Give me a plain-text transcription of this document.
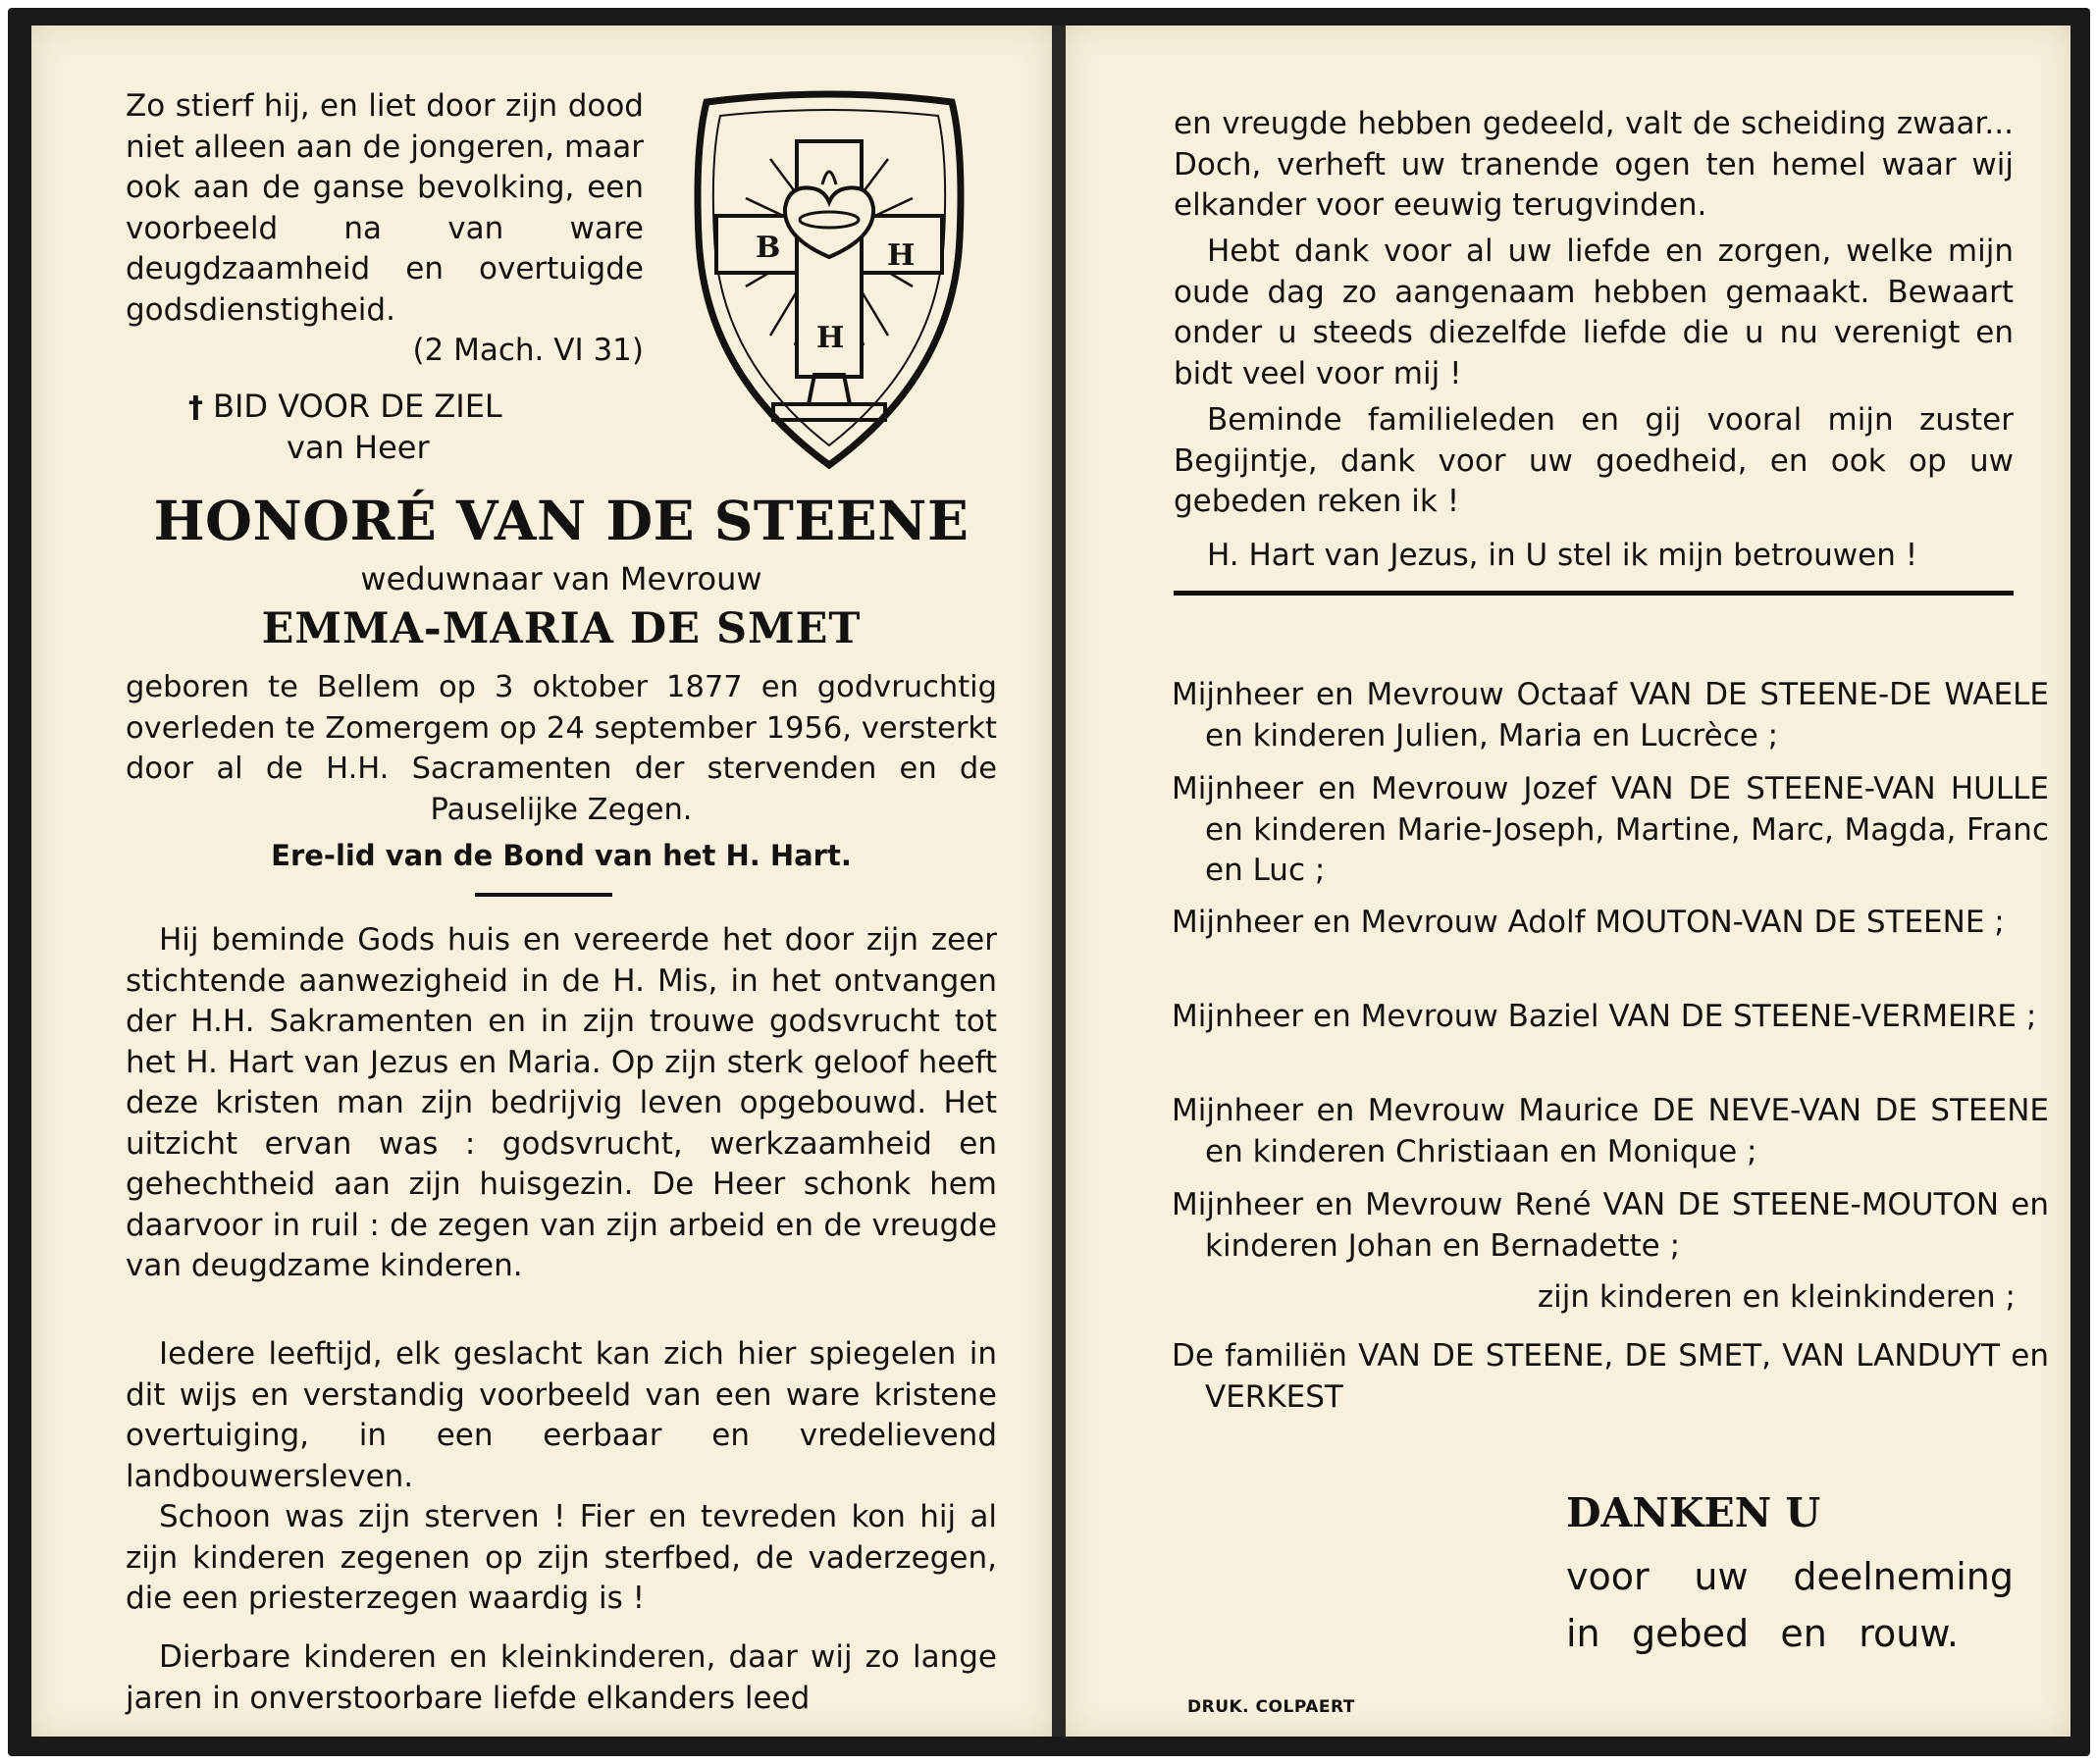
Zo stierf hij, en liet door zijn dood niet alleen aan de jongeren, maar ook aan de ganse bevolking, een voorbeeld na van ware deugdzaamheid en overtuigde godsdienstigheid.
(2 Mach. VI 31)

B	H
H

† BID VOOR DE ZIEL

van Heer

HONORÉ VAN DE STEENE

weduwnaar van Mevrouw

EMMA-MARIA DE SMET

geboren te Bellem op 3 oktober 1877 en godvruchtig overleden te Zomergem op 24 september 1956, versterkt door al de H.H. Sacramenten der stervenden en de Pauselijke Zegen.

Ere-lid van de Bond van het H. Hart.

Hij beminde Gods huis en vereerde het door zijn zeer stichtende aanwezigheid in de H. Mis, in het ontvangen der H.H. Sakramenten en in zijn trouwe godsvrucht tot het H. Hart van Jezus en Maria. Op zijn sterk geloof heeft deze kristen man zijn bedrijvig leven opgebouwd. Het uitzicht ervan was : godsvrucht, werkzaamheid en gehechtheid aan zijn huisgezin. De Heer schonk hem daarvoor in ruil : de zegen van zijn arbeid en de vreugde van deugdzame kinderen.

Iedere leeftijd, elk geslacht kan zich hier spiegelen in dit wijs en verstandig voorbeeld van een ware kristene overtuiging, in een eerbaar en vredelievend landbouwersleven.

Schoon was zijn sterven ! Fier en tevreden kon hij al zijn kinderen zegenen op zijn sterfbed, de vaderzegen, die een priesterzegen waardig is !

Dierbare kinderen en kleinkinderen, daar wij zo lange jaren in onverstoorbare liefde elkanders leed

en vreugde hebben gedeeld, valt de scheiding zwaar... Doch, verheft uw tranende ogen ten hemel waar wij elkander voor eeuwig terugvinden.

Hebt dank voor al uw liefde en zorgen, welke mijn oude dag zo aangenaam hebben gemaakt. Bewaart onder u steeds diezelfde liefde die u nu verenigt en bidt veel voor mij !

Beminde familieleden en gij vooral mijn zuster Begijntje, dank voor uw goedheid, en ook op uw gebeden reken ik !

H. Hart van Jezus, in U stel ik mijn betrouwen !

Mijnheer en Mevrouw Octaaf VAN DE STEENE-DE WAELE en kinderen Julien, Maria en Lucrèce ;

Mijnheer en Mevrouw Jozef VAN DE STEENE-VAN HULLE en kinderen Marie-Joseph, Martine, Marc, Magda, Franc en Luc ;

Mijnheer en Mevrouw Adolf MOUTON-VAN DE STEENE ;

Mijnheer en Mevrouw Baziel VAN DE STEENE-VERMEIRE ;

Mijnheer en Mevrouw Maurice DE NEVE-VAN DE STEENE en kinderen Christiaan en Monique ;

Mijnheer en Mevrouw René VAN DE STEENE-MOUTON en kinderen Johan en Bernadette ;

zijn kinderen en kleinkinderen ;

De familiën VAN DE STEENE, DE SMET, VAN LANDUYT en VERKEST

DANKEN U

voor uw deelneming

in gebed en rouw.

DRUK. COLPAERT
